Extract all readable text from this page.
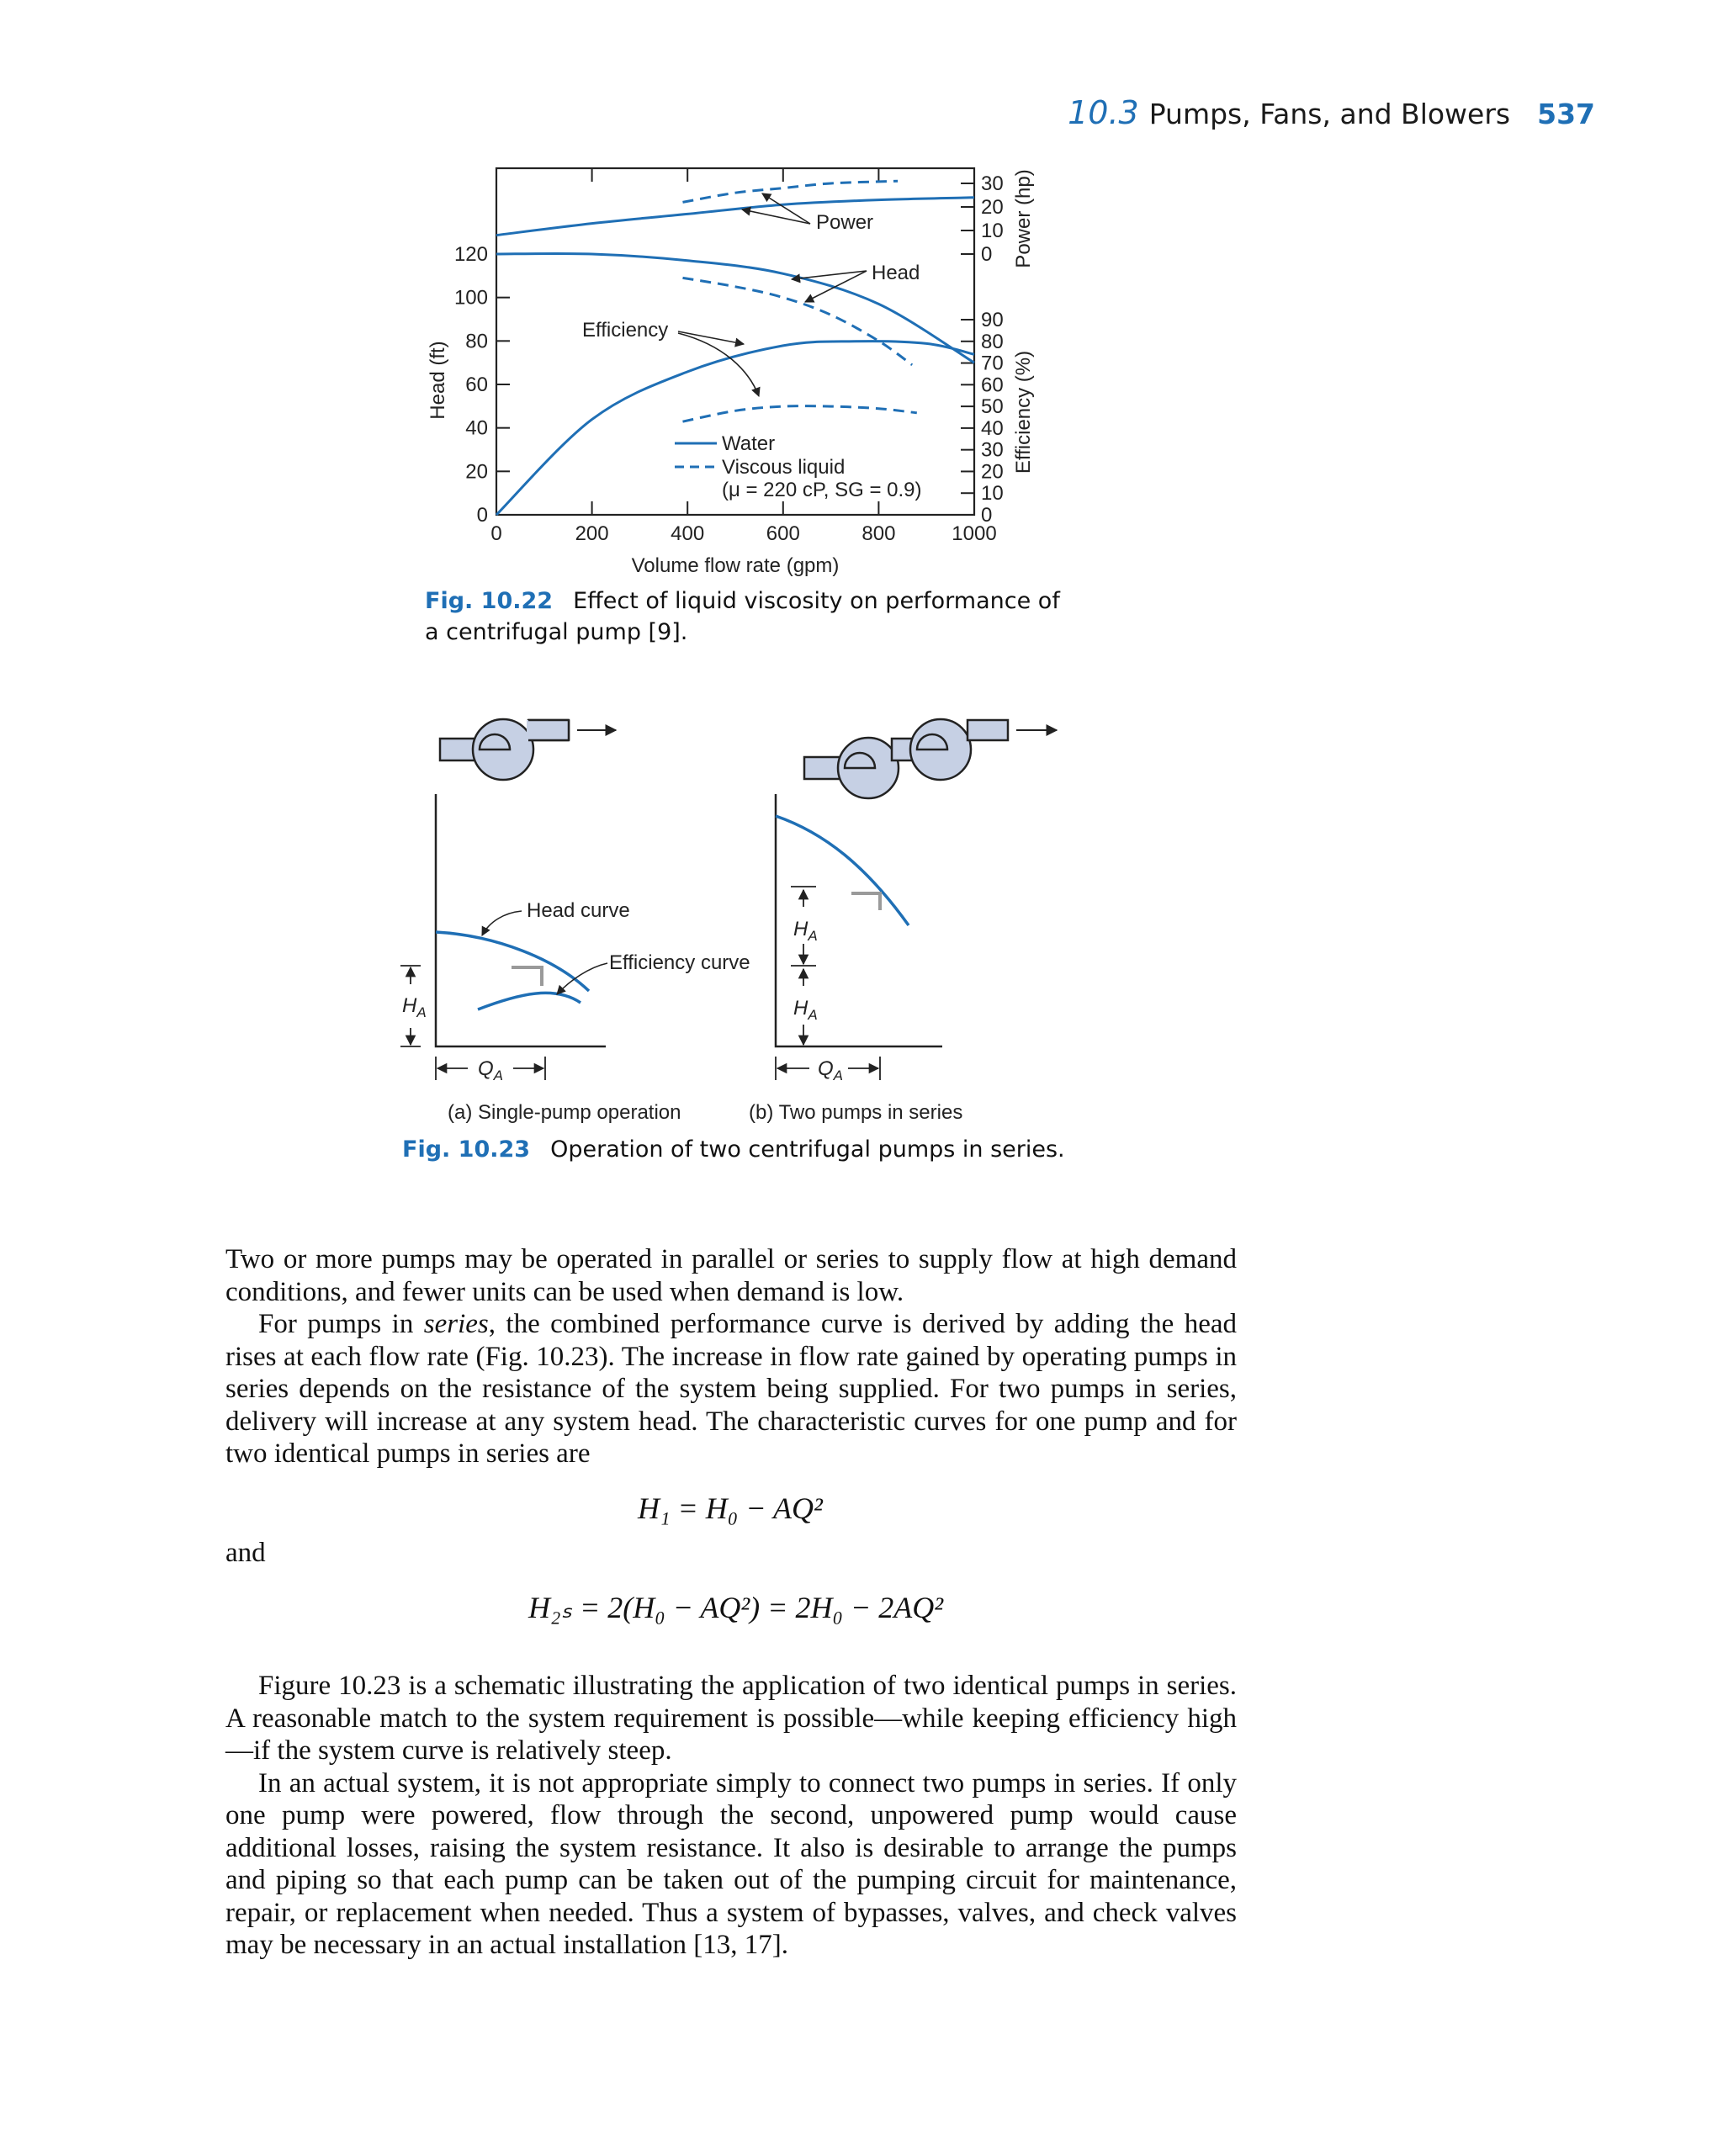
10.3 Pumps, Fans, and Blowers 537
0	200	400	600	800	1000
0
20
40
60
80
100
120	0
10
20
30
0
10
20
30
40
50
60
70
80
90
Volume flow rate (gpm)
Head (ft)
Power (hp)
Efficiency (%)
Power
Head
Efficiency
Water
Viscous liquid
(μ = 220 cP, SG = 0.9)
Fig. 10.22 Effect of liquid viscosity on performance of a centrifugal pump [9].
Head curve
Efficiency curve
$H_A$
$Q_A$
$H_A$
$H_A$
$Q_A$
(a) Single-pump operation	(b) Two pumps in series
Fig. 10.23 Operation of two centrifugal pumps in series.

Two or more pumps may be operated in parallel or series to supply flow at high demand conditions, and fewer units can be used when demand is low.

For pumps in series, the combined performance curve is derived by adding the head rises at each flow rate (Fig. 10.23). The increase in flow rate gained by operating pumps in series depends on the resistance of the system being supplied. For two pumps in series, delivery will increase at any system head. The characteristic curves for one pump and for two identical pumps in series are

H₁ = H₀ − AQ²
and
H₂ₛ = 2(H₀ − AQ²) = 2H₀ − 2AQ²

Figure 10.23 is a schematic illustrating the application of two identical pumps in series. A reasonable match to the system requirement is possible—while keeping efficiency high—if the system curve is relatively steep.

In an actual system, it is not appropriate simply to connect two pumps in series. If only one pump were powered, flow through the second, unpowered pump would cause additional losses, raising the system resistance. It also is desirable to arrange the pumps and piping so that each pump can be taken out of the pumping circuit for maintenance, repair, or replacement when needed. Thus a system of bypasses, valves, and check valves may be necessary in an actual installation [13, 17].
